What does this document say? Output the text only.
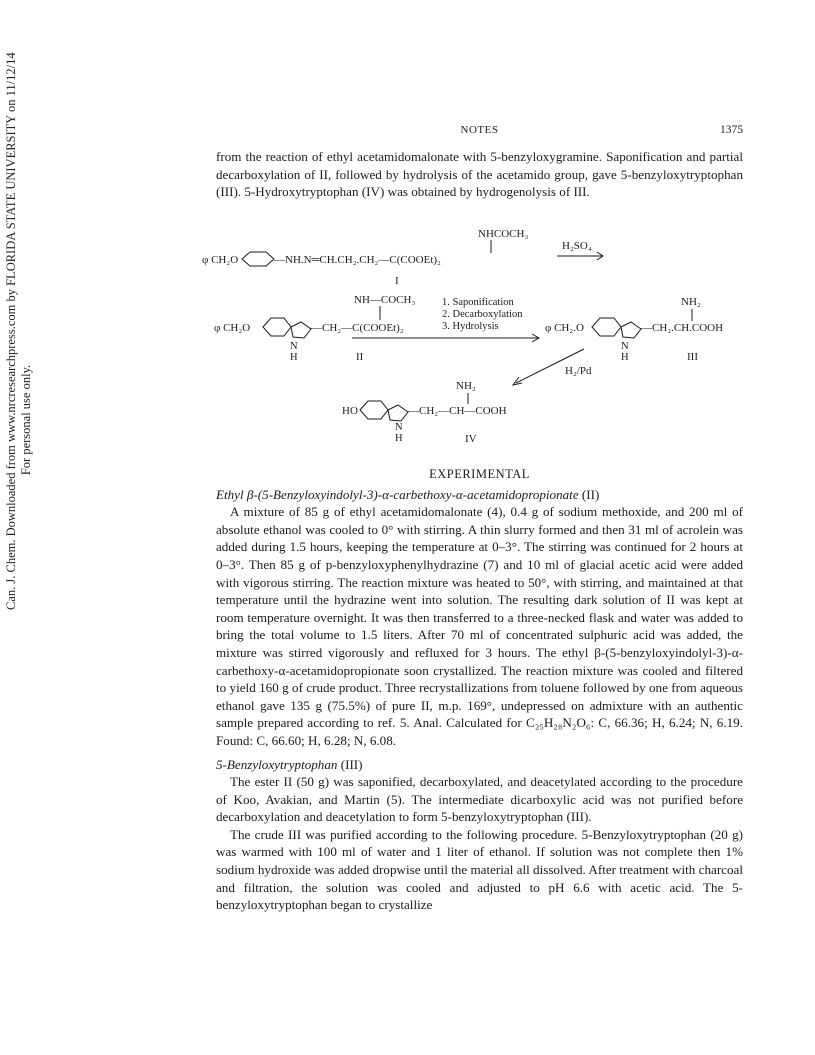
Can. J. Chem. Downloaded from www.nrcresearchpress.com by FLORIDA STATE UNIVERSITY on 11/12/14 For personal use only.
NOTES	1375

from the reaction of ethyl acetamidomalonate with 5-benzyloxygramine. Saponification and partial decarboxylation of II, followed by hydrolysis of the acetamido group, gave 5-benzyloxytryptophan (III). 5-Hydroxytryptophan (IV) was obtained by hydrogenolysis of III.

NHCOCH₃
φ CH₂O	—NH.N═CH.CH₂.CH₂—C(COOEt)₂
H₂SO₄
I
NH—COCH₃
φ CH₂O	—CH₂—C(COOEt)₂
N
H	II
1. Saponification
2. Decarboxylation
3. Hydrolysis
NH₂
φ CH₂.O	—CH₂.CH.COOH
N
H	III
H₂/Pd
NH₂
HO	—CH₂—CH—COOH
N
H	IV

EXPERIMENTAL

Ethyl β-(5-Benzyloxyindolyl-3)-α-carbethoxy-α-acetamidopropionate (II)

A mixture of 85 g of ethyl acetamidomalonate (4), 0.4 g of sodium methoxide, and 200 ml of absolute ethanol was cooled to 0° with stirring. A thin slurry formed and then 31 ml of acrolein was added during 1.5 hours, keeping the temperature at 0–3°. The stirring was continued for 2 hours at 0–3°. Then 85 g of p-benzyloxyphenylhydrazine (7) and 10 ml of glacial acetic acid were added with vigorous stirring. The reaction mixture was heated to 50°, with stirring, and maintained at that temperature until the hydrazine went into solution. The resulting dark solution of II was kept at room temperature overnight. It was then transferred to a three-necked flask and water was added to bring the total volume to 1.5 liters. After 70 ml of concentrated sulphuric acid was added, the mixture was stirred vigorously and refluxed for 3 hours. The ethyl β-(5-benzyloxyindolyl-3)-α-carbethoxy-α-acetamidopropionate soon crystallized. The reaction mixture was cooled and filtered to yield 160 g of crude product. Three recrystallizations from toluene followed by one from aqueous ethanol gave 135 g (75.5%) of pure II, m.p. 169°, undepressed on admixture with an authentic sample prepared according to ref. 5. Anal. Calculated for C₂₅H₂₈N₂O₆: C, 66.36; H, 6.24; N, 6.19. Found: C, 66.60; H, 6.28; N, 6.08.

5-Benzyloxytryptophan (III)

The ester II (50 g) was saponified, decarboxylated, and deacetylated according to the procedure of Koo, Avakian, and Martin (5). The intermediate dicarboxylic acid was not purified before decarboxylation and deacetylation to form 5-benzyloxytryptophan (III).

The crude III was purified according to the following procedure. 5-Benzyloxytryptophan (20 g) was warmed with 100 ml of water and 1 liter of ethanol. If solution was not complete then 1% sodium hydroxide was added dropwise until the material all dissolved. After treatment with charcoal and filtration, the solution was cooled and adjusted to pH 6.6 with acetic acid. The 5-benzyloxytryptophan began to crystallize
